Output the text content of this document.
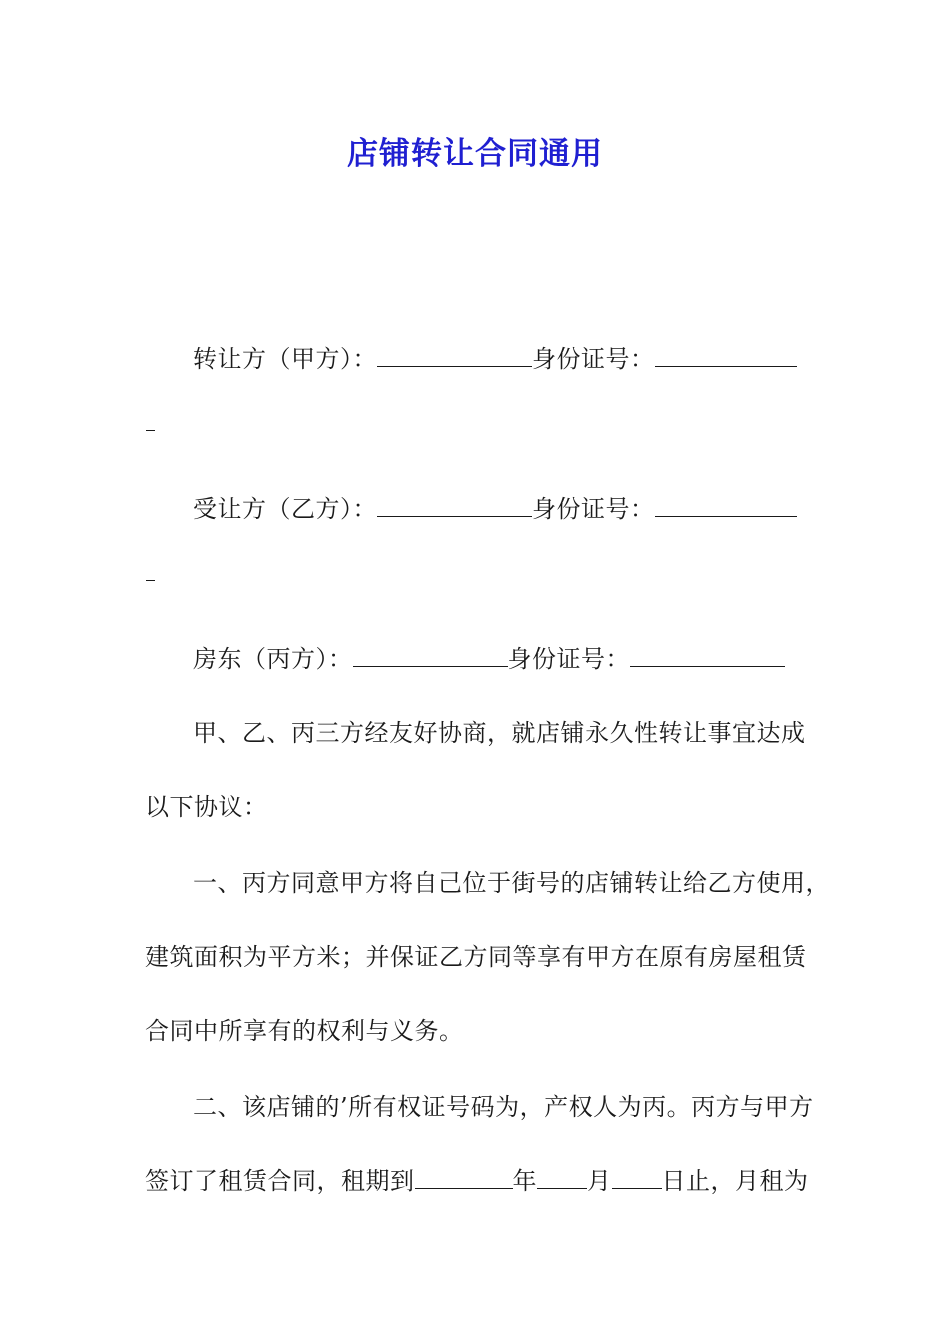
店铺转让合同通用
转让方（甲方）：	身份证号：
受让方（乙方）：	身份证号：
房东（丙方）：	身份证号：
甲、乙、丙三方经友好协商，就店铺永久性转让事宜达成
以下协议：
一、丙方同意甲方将自己位于街号的店铺转让给乙方使用，
建筑面积为平方米；并保证乙方同等享有甲方在原有房屋租赁
合同中所享有的权利与义务。
二、该店铺的’所有权证号码为，产权人为丙。丙方与甲方
签订了租赁合同，租期到	年 月 日止，月租为
